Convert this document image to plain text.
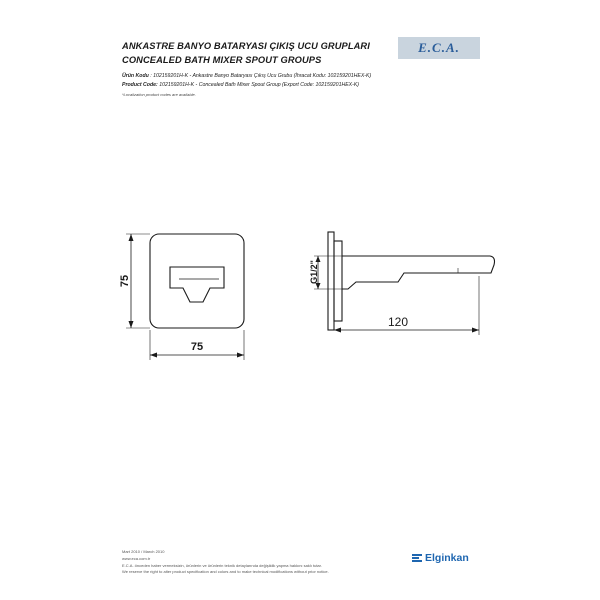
ANKASTRE BANYO BATARYASI ÇIKIŞ UCU GRUPLARI
CONCEALED BATH MIXER SPOUT GROUPS
E.C.A.
Ürün Kodu : 102159201H-K - Ankastre Banyo Bataryası Çıkış Ucu Grubu (İhracat Kodu: 102159201HEX-K)
Product Code: 102159201H-K - Concealed Bath Mixer Spout Group (Export Code: 102159201HEX-K)
*Localization product codes are available.
75
75
G1/2"
120
Mart 2010 / March 2010
www.eca.com.tr
E.C.A. önceden haber vermeksizin, ürünlerin ve ürünlerin teknik detaylarında değişiklik yapma hakkını saklı tutar.
We reserve the right to alter product specification and colors and to make technical modifications without prior notice.
Elginkan
